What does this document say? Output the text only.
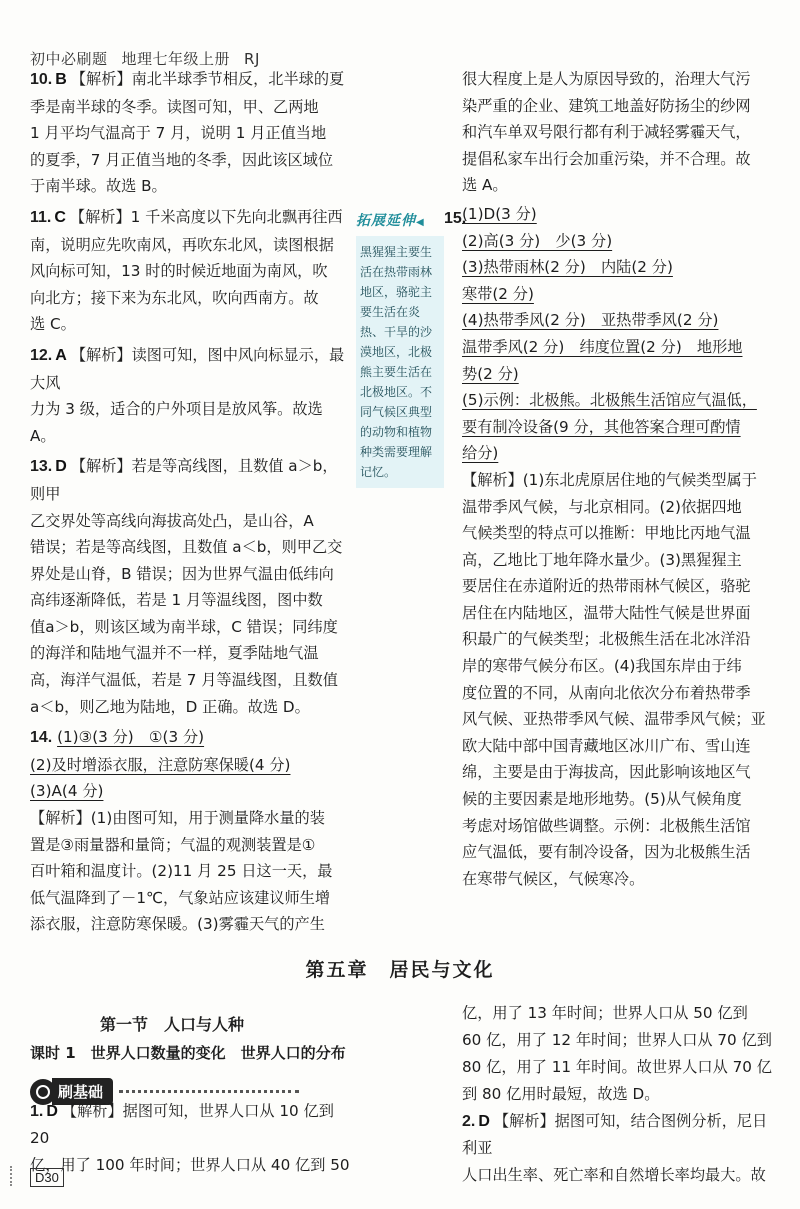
初中必刷题 地理七年级上册 RJ
10. B 【解析】南北半球季节相反，北半球的夏
季是南半球的冬季。读图可知，甲、乙两地
1 月平均气温高于 7 月，说明 1 月正值当地
的夏季，7 月正值当地的冬季，因此该区域位
于南半球。故选 B。
11. C 【解析】1 千米高度以下先向北飘再往西
南，说明应先吹南风，再吹东北风，读图根据
风向标可知，13 时的时候近地面为南风，吹
向北方；接下来为东北风，吹向西南方。故
选 C。
12. A 【解析】读图可知，图中风向标显示，最大风
力为 3 级，适合的户外项目是放风筝。故选 A。
13. D 【解析】若是等高线图，且数值 a＞b，则甲
乙交界处等高线向海拔高处凸，是山谷，A
错误；若是等高线图，且数值 a＜b，则甲乙交
界处是山脊，B 错误；因为世界气温由低纬向
高纬逐渐降低，若是 1 月等温线图，图中数
值a＞b，则该区域为南半球，C 错误；同纬度
的海洋和陆地气温并不一样，夏季陆地气温
高，海洋气温低，若是 7 月等温线图，且数值
a＜b，则乙地为陆地，D 正确。故选 D。
14. (1)③(3 分)　①(3 分)
(2)及时增添衣服，注意防寒保暖(4 分)
(3)A(4 分)
【解析】(1)由图可知，用于测量降水量的装
置是③雨量器和量筒；气温的观测装置是①
百叶箱和温度计。(2)11 月 25 日这一天，最
低气温降到了－1℃，气象站应该建议师生增
添衣服，注意防寒保暖。(3)雾霾天气的产生
拓展延伸◀
黑猩猩主要生
活在热带雨林
地区，骆驼主
要生活在炎
热、干旱的沙
漠地区，北极
熊主要生活在
北极地区。不
同气候区典型
的动物和植物
种类需要理解
记忆。
很大程度上是人为原因导致的，治理大气污
染严重的企业、建筑工地盖好防扬尘的纱网
和汽车单双号限行都有利于减轻雾霾天气，
提倡私家车出行会加重污染，并不合理。故
选 A。
(1)D(3 分)
(2)高(3 分)　少(3 分)
(3)热带雨林(2 分)　内陆(2 分)
寒带(2 分)
(4)热带季风(2 分)　亚热带季风(2 分)
温带季风(2 分)　纬度位置(2 分)　地形地
势(2 分)
(5)示例：北极熊。北极熊生活馆应气温低，
要有制冷设备(9 分，其他答案合理可酌情
给分)
【解析】(1)东北虎原居住地的气候类型属于
温带季风气候，与北京相同。(2)依据四地
气候类型的特点可以推断：甲地比丙地气温
高，乙地比丁地年降水量少。(3)黑猩猩主
要居住在赤道附近的热带雨林气候区，骆驼
居住在内陆地区，温带大陆性气候是世界面
积最广的气候类型；北极熊生活在北冰洋沿
岸的寒带气候分布区。(4)我国东岸由于纬
度位置的不同，从南向北依次分布着热带季
风气候、亚热带季风气候、温带季风气候；亚
欧大陆中部中国青藏地区冰川广布、雪山连
绵，主要是由于海拔高，因此影响该地区气
候的主要因素是地形地势。(5)从气候角度
考虑对场馆做些调整。示例：北极熊生活馆
应气温低，要有制冷设备，因为北极熊生活
在寒带气候区，气候寒冷。
15.
第五章　居民与文化
第一节　人口与人种
课时 1　世界人口数量的变化　世界人口的分布
刷基础
1. D 【解析】据图可知，世界人口从 10 亿到 20
亿，用了 100 年时间；世界人口从 40 亿到 50
亿，用了 13 年时间；世界人口从 50 亿到
60 亿，用了 12 年时间；世界人口从 70 亿到
80 亿，用了 11 年时间。故世界人口从 70 亿
到 80 亿用时最短，故选 D。
2. D 【解析】据图可知，结合图例分析，尼日利亚
人口出生率、死亡率和自然增长率均最大。故
D30
